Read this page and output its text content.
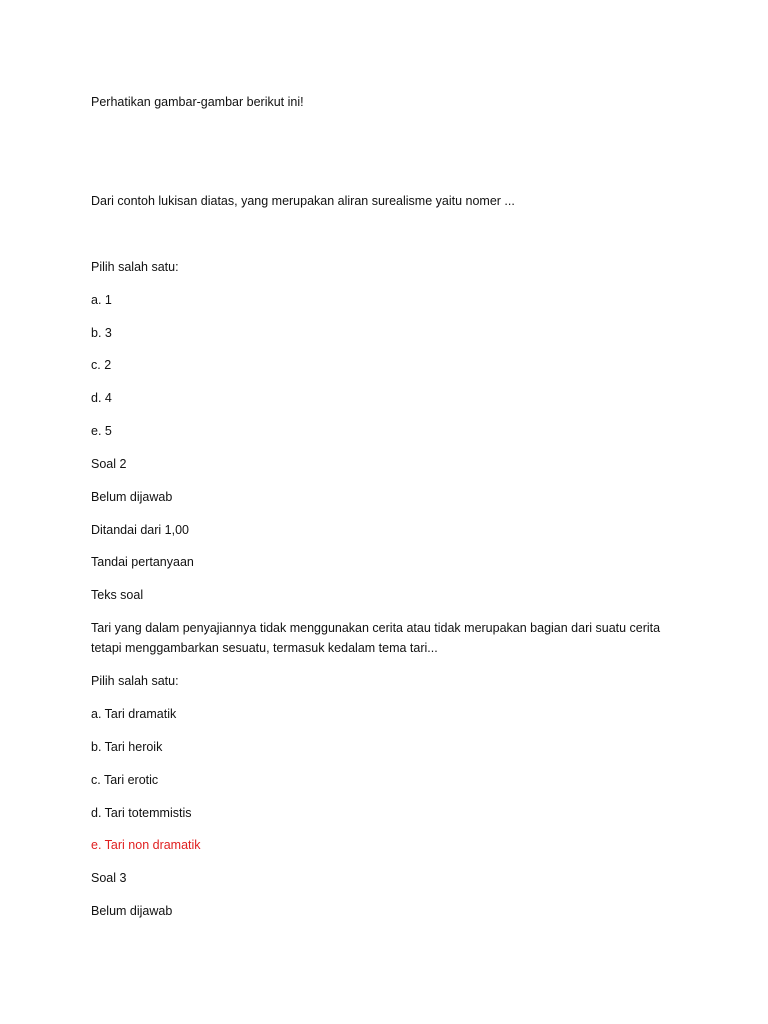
Perhatikan gambar-gambar berikut ini!

Dari contoh lukisan diatas, yang merupakan aliran surealisme yaitu nomer ...

Pilih salah satu:

a. 1

b. 3

c. 2

d. 4

e. 5

Soal 2

Belum dijawab

Ditandai dari 1,00

Tandai pertanyaan

Teks soal

Tari yang dalam penyajiannya tidak menggunakan cerita atau tidak merupakan bagian dari suatu cerita
tetapi menggambarkan sesuatu, termasuk kedalam tema tari...

Pilih salah satu:

a. Tari dramatik

b. Tari heroik

c. Tari erotic

d. Tari totemmistis

e. Tari non dramatik

Soal 3

Belum dijawab
